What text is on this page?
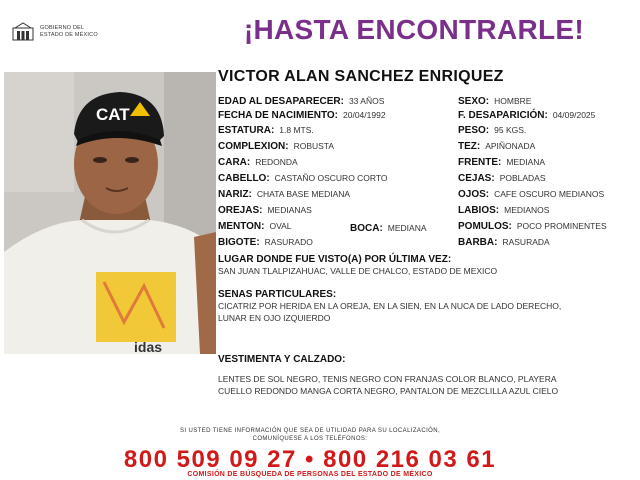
GOBIERNO DEL
ESTADO DE MÉXICO	¡HASTA ENCONTRARLE!
idas
CAT
VICTOR ALAN SANCHEZ ENRIQUEZ
EDAD AL DESAPARECER: 33 AÑOS	SEXO: HOMBRE
FECHA DE NACIMIENTO: 20/04/1992	F. DESAPARICIÓN: 04/09/2025
ESTATURA: 1.8 MTS.	PESO: 95 KGS.
COMPLEXION: ROBUSTA	TEZ: APIÑONADA
CARA: REDONDA	FRENTE: MEDIANA
CABELLO: CASTAÑO OSCURO CORTO	CEJAS: POBLADAS
NARIZ: CHATA BASE MEDIANA	OJOS: CAFE OSCURO MEDIANOS
OREJAS: MEDIANAS	LABIOS: MEDIANOS
MENTON: OVAL	BOCA: MEDIANA	POMULOS: POCO PROMINENTES
BIGOTE: RASURADO	BARBA: RASURADA
LUGAR DONDE FUE VISTO(A) POR ÚLTIMA VEZ:
SAN JUAN TLALPIZAHUAC, VALLE DE CHALCO, ESTADO DE MEXICO
SENAS PARTICULARES:
CICATRIZ POR HERIDA EN LA OREJA, EN LA SIEN, EN LA NUCA DE LADO DERECHO,
LUNAR EN OJO IZQUIERDO
VESTIMENTA Y CALZADO:
LENTES DE SOL NEGRO, TENIS NEGRO CON FRANJAS COLOR BLANCO, PLAYERA
CUELLO REDONDO MANGA CORTA NEGRO, PANTALON DE MEZCLILLA AZUL CIELO
SI USTED TIENE INFORMACIÓN QUE SEA DE UTILIDAD PARA SU LOCALIZACIÓN,
COMUNÍQUESE A LOS TELÉFONOS:
800 509 09 27 • 800 216 03 61
COMISIÓN DE BÚSQUEDA DE PERSONAS DEL ESTADO DE MÉXICO
